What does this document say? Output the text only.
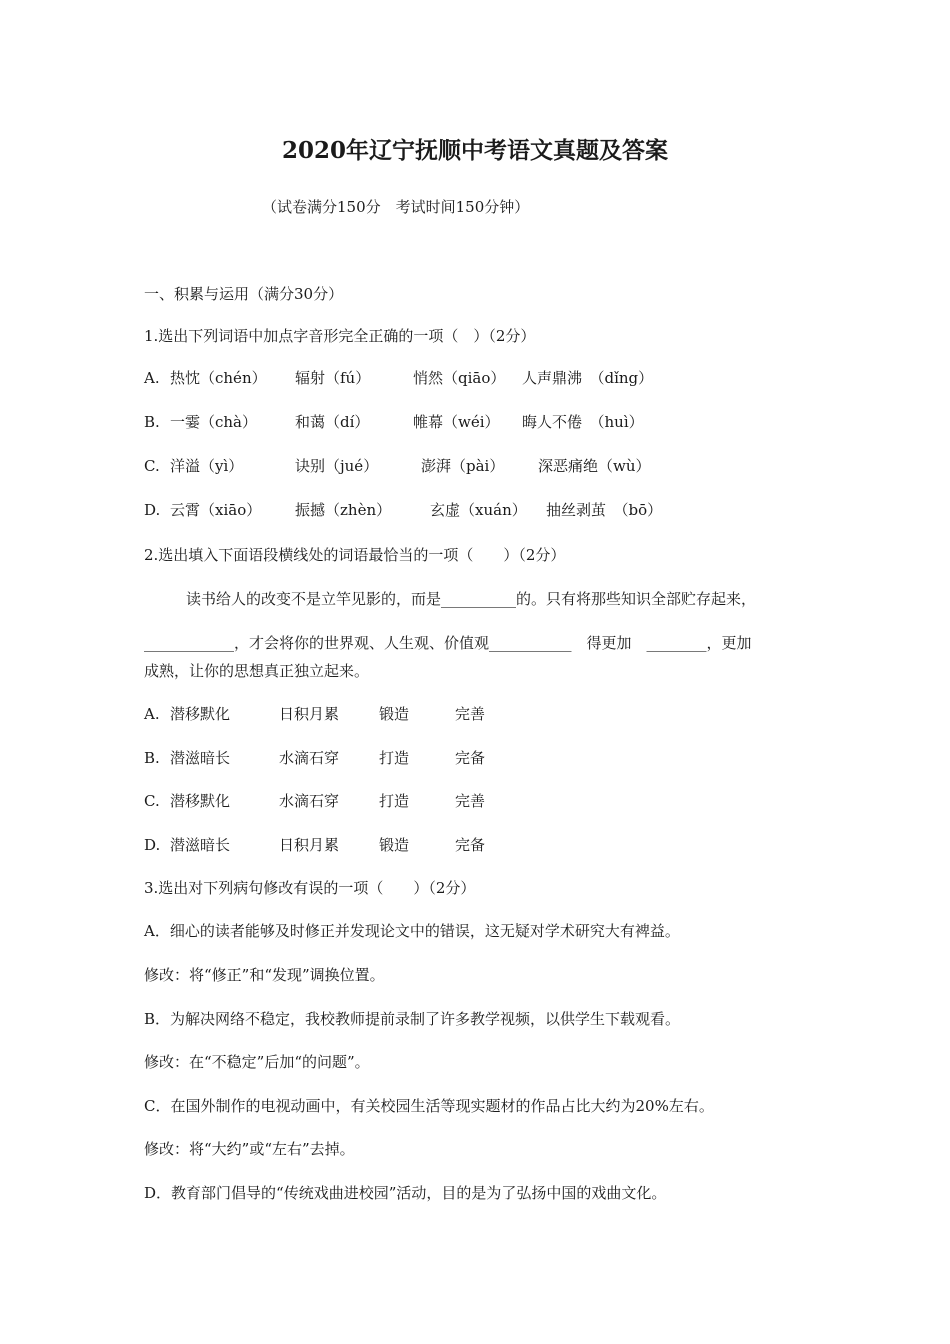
2020年辽宁抚顺中考语文真题及答案
（试卷满分150分　考试时间150分钟）
一、积累与运用（满分30分）
1.选出下列词语中加点字音形完全正确的一项（　）（2分）
A. 热忱（chén） 辐射（fú）	悄然（qiāo） 人声鼎沸　（dǐng）
B. 一霎（chà）	和蔼（dí）	帷幕（wéi） 晦人不倦　（huì）
C. 洋溢（yì）	诀别（jué）	澎湃（pài） 深恶痛绝（wù）
D. 云霄（xiāo） 振撼（zhèn）	玄虚（xuán） 抽丝剥茧　（bō）
2.选出填入下面语段横线处的词语最恰当的一项（　　）（2分）
读书给人的改变不是立竿见影的，而是__________的。只有将那些知识全部贮存起来，
____________，才会将你的世界观、人生观、价值观___________　得更加　________，更加
成熟，让你的思想真正独立起来。
A. 潜移默化	日积月累	锻造	完善
B. 潜滋暗长	水滴石穿	打造	完备
C. 潜移默化	水滴石穿	打造	完善
D. 潜滋暗长	日积月累	锻造	完备
3.选出对下列病句修改有误的一项（　　）（2分）
A．细心的读者能够及时修正并发现论文中的错误，这无疑对学术研究大有裨益。
修改：将“修正”和“发现”调换位置。
B．为解决网络不稳定，我校教师提前录制了许多教学视频，以供学生下载观看。
修改：在“不稳定”后加“的问题”。
C．在国外制作的电视动画中，有关校园生活等现实题材的作品占比大约为20%左右。
修改：将“大约”或“左右”去掉。
D．教育部门倡导的“传统戏曲进校园”活动，目的是为了弘扬中国的戏曲文化。
